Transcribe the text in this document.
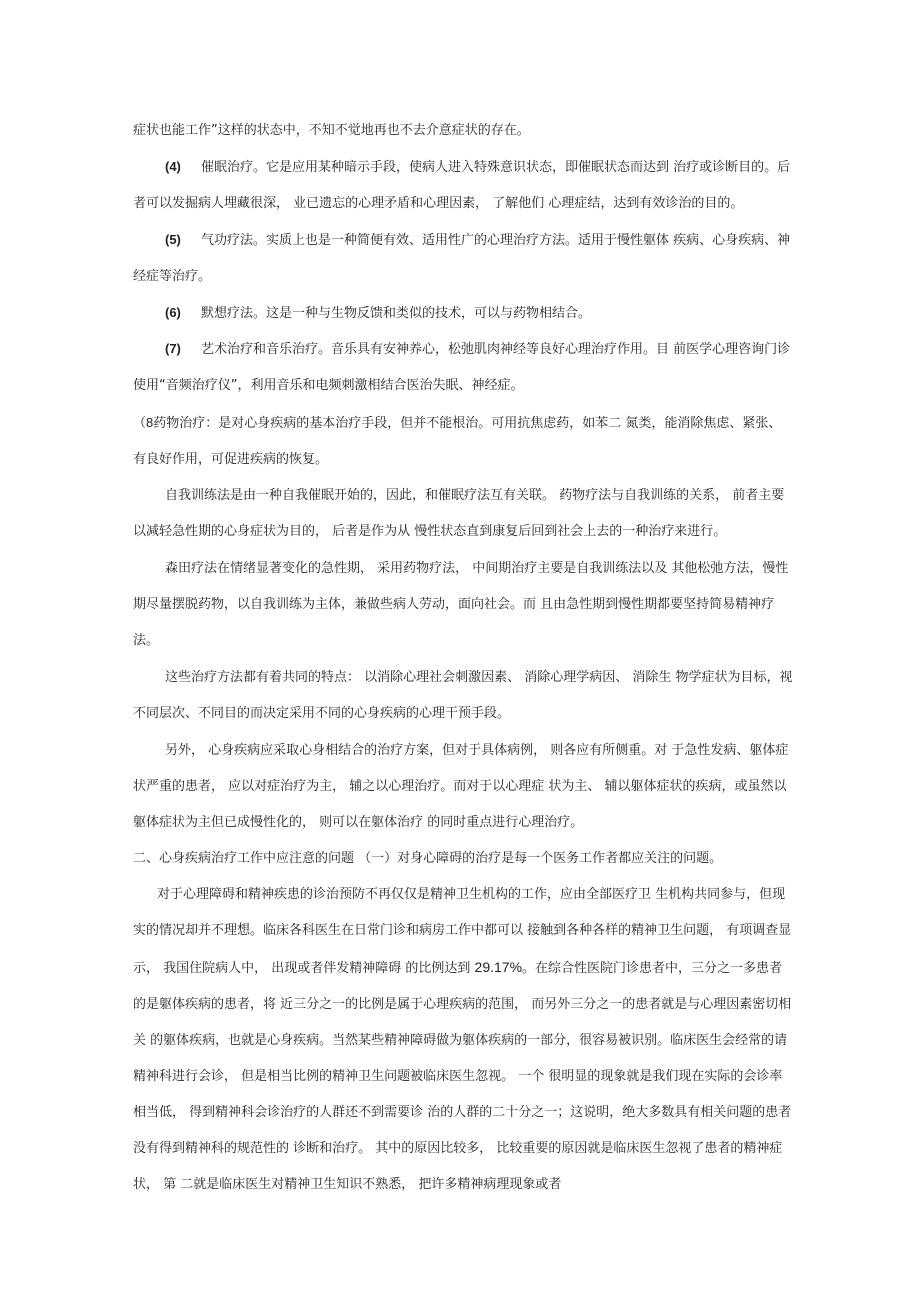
症状也能工作”这样的状态中，不知不觉地再也不去介意症状的存在。

(4) 催眠治疗。它是应用某种暗示手段，使病人进入特殊意识状态，即催眠状态而达到 治疗或诊断目的。后者可以发掘病人埋藏很深， 业已遗忘的心理矛盾和心理因素， 了解他们 心理症结，达到有效诊治的目的。

(5) 气功疗法。实质上也是一种简便有效、适用性广的心理治疗方法。适用于慢性躯体 疾病、心身疾病、神经症等治疗。

(6) 默想疗法。这是一种与生物反馈和类似的技术，可以与药物相结合。

(7) 艺术治疗和音乐治疗。音乐具有安神养心，松弛肌肉神经等良好心理治疗作用。目 前医学心理咨询门诊使用“音频治疗仪”，利用音乐和电频刺激相结合医治失眠、神经症。

（8药物治疗：是对心身疾病的基本治疗手段，但并不能根治。可用抗焦虑药，如苯二 氮类，能消除焦虑、紧张、有良好作用，可促进疾病的恢复。

自我训练法是由一种自我催眠开始的，因此，和催眠疗法互有关联。 药物疗法与自我训练的关系， 前者主要以减轻急性期的心身症状为目的， 后者是作为从 慢性状态直到康复后回到社会上去的一种治疗来进行。

森田疗法在情绪显著变化的急性期， 采用药物疗法， 中间期治疗主要是自我训练法以及 其他松弛方法，慢性期尽量摆脱药物，以自我训练为主体，兼做些病人劳动，面向社会。而 且由急性期到慢性期都要坚持简易精神疗法。

这些治疗方法都有着共同的特点： 以消除心理社会刺激因素、 消除心理学病因、 消除生 物学症状为目标，视不同层次、不同目的而决定采用不同的心身疾病的心理干预手段。

另外， 心身疾病应采取心身相结合的治疗方案，但对于具体病例， 则各应有所侧重。对 于急性发病、躯体症状严重的患者， 应以对症治疗为主， 辅之以心理治疗。而对于以心理症 状为主、 辅以躯体症状的疾病，或虽然以躯体症状为主但已成慢性化的， 则可以在躯体治疗 的同时重点进行心理治疗。

二、心身疾病治疗工作中应注意的问题 （一）对身心障碍的治疗是每一个医务工作者都应关注的问题。

对于心理障碍和精神疾患的诊治预防不再仅仅是精神卫生机构的工作，应由全部医疗卫 生机构共同参与，但现实的情况却并不理想。临床各科医生在日常门诊和病房工作中都可以 接触到各种各样的精神卫生问题， 有项调查显示， 我国住院病人中， 出现或者伴发精神障碍 的比例达到 29.17%。在综合性医院门诊患者中，三分之一多患者的是躯体疾病的患者，将 近三分之一的比例是属于心理疾病的范围， 而另外三分之一的患者就是与心理因素密切相关 的躯体疾病，也就是心身疾病。当然某些精神障碍做为躯体疾病的一部分，很容易被识别。临床医生会经常的请精神科进行会诊， 但是相当比例的精神卫生问题被临床医生忽视。 一个 很明显的现象就是我们现在实际的会诊率相当低， 得到精神科会诊治疗的人群还不到需要诊 治的人群的二十分之一；这说明，绝大多数具有相关问题的患者没有得到精神科的规范性的 诊断和治疗。 其中的原因比较多， 比较重要的原因就是临床医生忽视了患者的精神症状， 第 二就是临床医生对精神卫生知识不熟悉， 把许多精神病理现象或者
